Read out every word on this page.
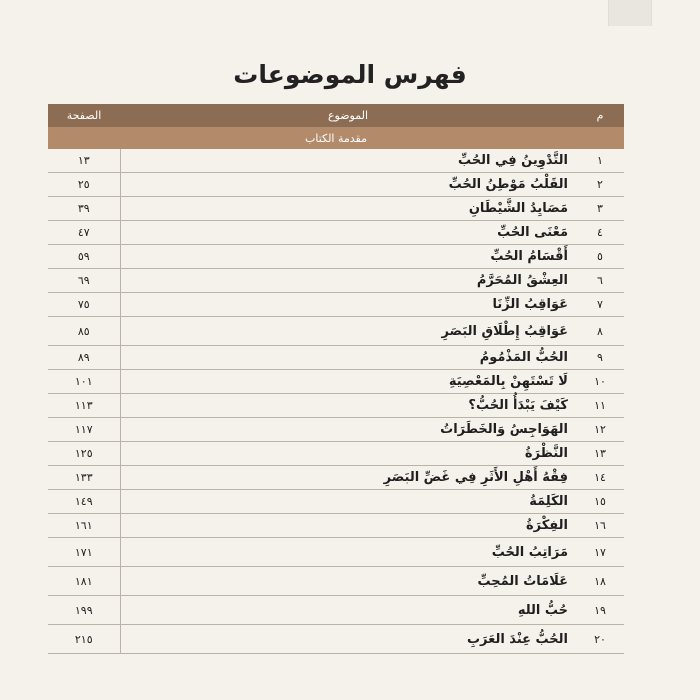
فهرس الموضوعات
م	الموضوع	الصفحة
مقدمة الكتاب		
١	التَّدْوِينُ فِي الحُبِّ	١٣
٢	القَلْبُ مَوْطِنُ الحُبِّ	٢٥
٣	مَصَايِدُ الشَّيْطَانِ	٣٩
٤	مَعْنَى الحُبِّ	٤٧
٥	أَقْسَامُ الحُبِّ	٥٩
٦	العِشْقُ المُحَرَّمُ	٦٩
٧	عَوَاقِبُ الزِّنَا	٧٥
٨	عَوَاقِبُ إِطْلَاقِ البَصَرِ	٨٥
٩	الحُبُّ المَذْمُومُ	٨٩
١٠	لَا تَسْتَهِنْ بِالمَعْصِيَةِ	١٠١
١١	كَيْفَ يَبْدَأُ الحُبُّ؟	١١٣
١٢	الهَوَاجِسُ وَالخَطَرَاتُ	١١٧
١٣	النَّظْرَةُ	١٢٥
١٤	فِقْهُ أَهْلِ الأَثَرِ فِي غَضِّ البَصَرِ	١٣٣
١٥	الكَلِمَةُ	١٤٩
١٦	الفِكْرَةُ	١٦١
١٧	مَرَاتِبُ الحُبِّ	١٧١
١٨	عَلَامَاتُ المُحِبِّ	١٨١
١٩	حُبُّ اللهِ	١٩٩
٢٠	الحُبُّ عِنْدَ العَرَبِ	٢١٥
